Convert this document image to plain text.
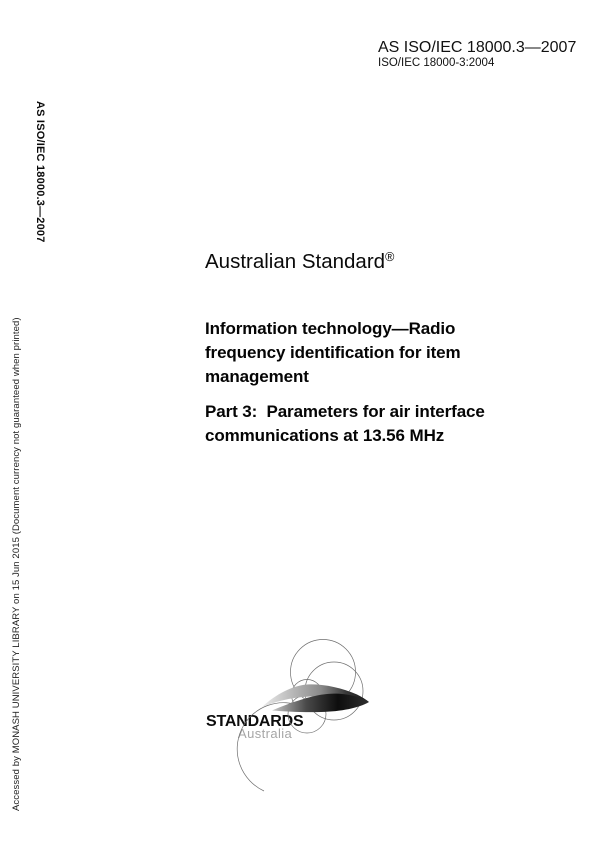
AS ISO/IEC 18000.3—2007
ISO/IEC 18000-3:2004
AS ISO/IEC 18000.3—2007
Accessed by MONASH UNIVERSITY LIBRARY on 15 Jun 2015 (Document currency not guaranteed when printed)
Australian Standard®
Information technology—Radio
frequency identification for item
management
Part 3:  Parameters for air interface
communications at 13.56 MHz
STANDARDS
Australia
